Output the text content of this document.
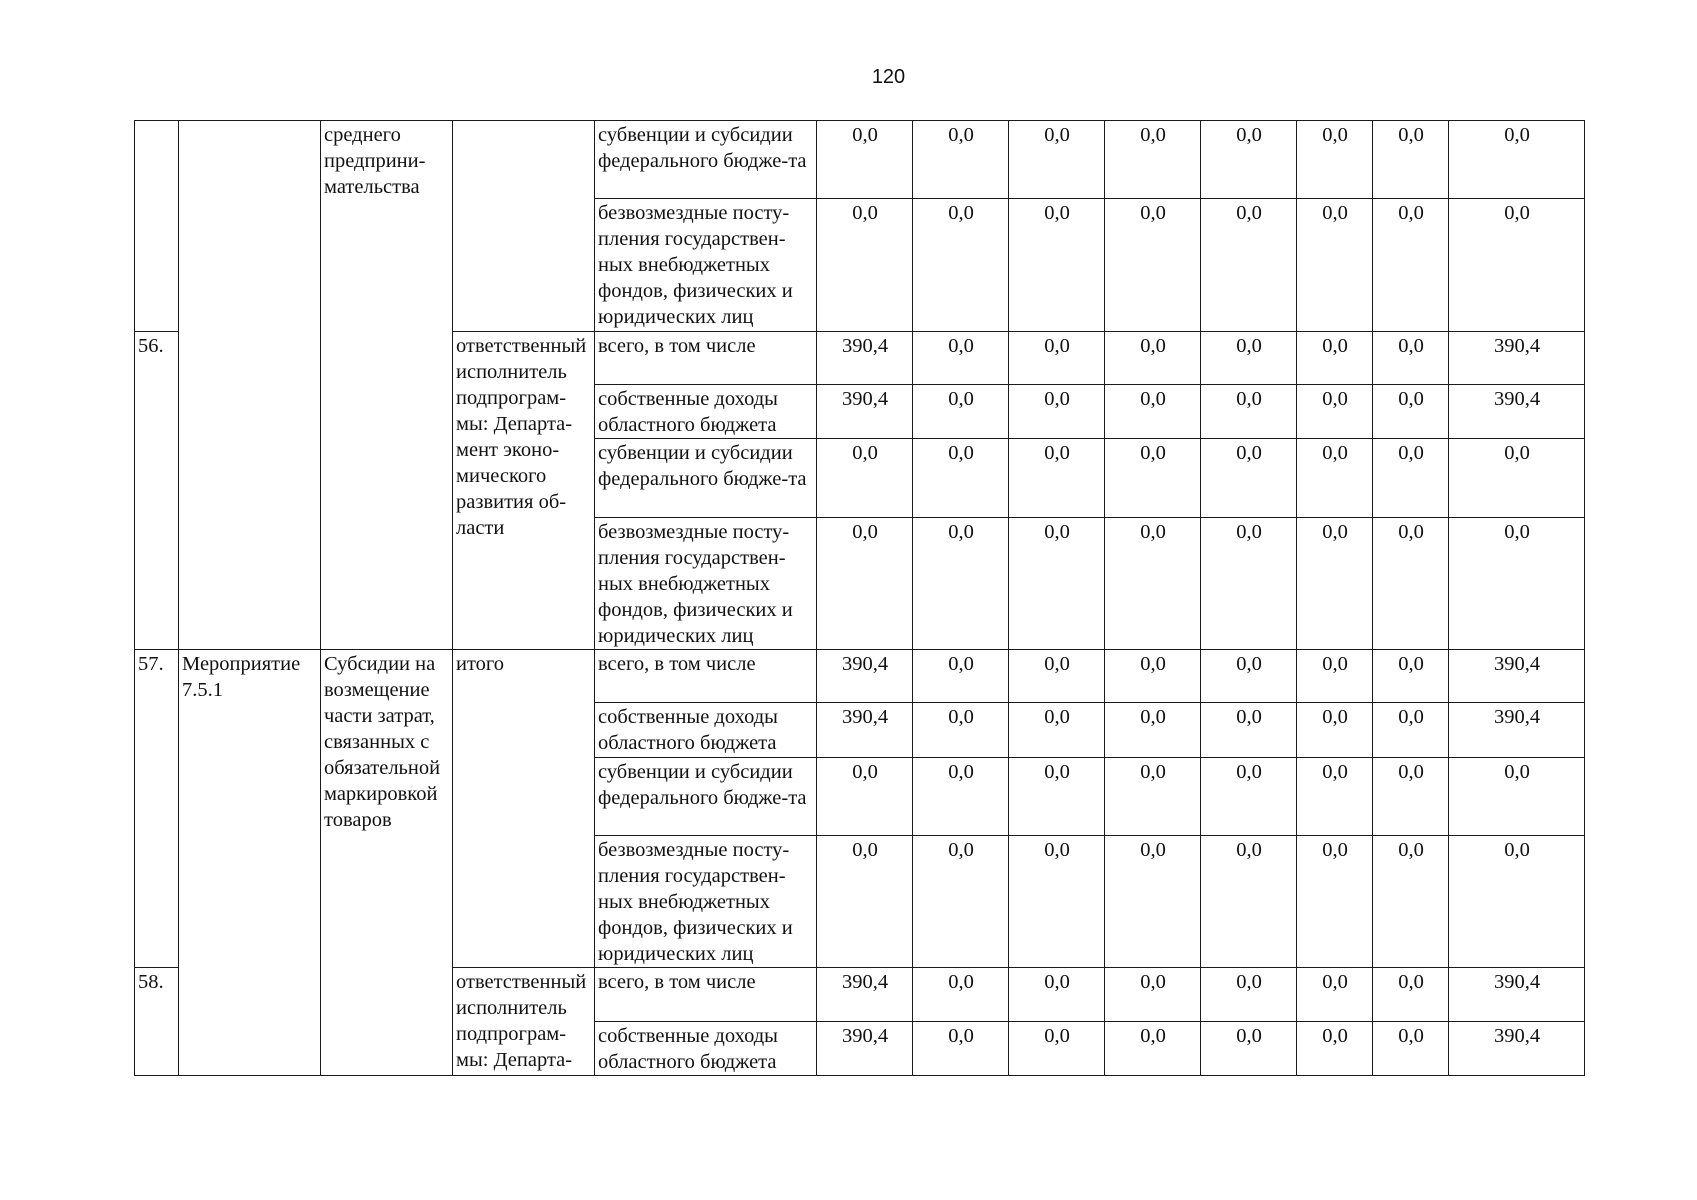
120
		среднего предприни-мательства		субвенции и субсидии федерального бюдже-та	0,0	0,0	0,0	0,0	0,0	0,0	0,0	0,0
				безвозмездные посту-пления государствен-ных внебюджетных фондов, физических и юридических лиц	0,0	0,0	0,0	0,0	0,0	0,0	0,0	0,0
56.			ответственный исполнитель подпрограм-мы: Департа-мент эконо-мического развития об-ласти	всего, в том числе	390,4	0,0	0,0	0,0	0,0	0,0	0,0	390,4
				собственные доходы областного бюджета	390,4	0,0	0,0	0,0	0,0	0,0	0,0	390,4
				субвенции и субсидии федерального бюдже-та	0,0	0,0	0,0	0,0	0,0	0,0	0,0	0,0
				безвозмездные посту-пления государствен-ных внебюджетных фондов, физических и юридических лиц	0,0	0,0	0,0	0,0	0,0	0,0	0,0	0,0
57.	Мероприятие 7.5.1	Субсидии на возмещение части затрат, связанных с обязательной маркировкой товаров	итого	всего, в том числе	390,4	0,0	0,0	0,0	0,0	0,0	0,0	390,4
				собственные доходы областного бюджета	390,4	0,0	0,0	0,0	0,0	0,0	0,0	390,4
				субвенции и субсидии федерального бюдже-та	0,0	0,0	0,0	0,0	0,0	0,0	0,0	0,0
				безвозмездные посту-пления государствен-ных внебюджетных фондов, физических и юридических лиц	0,0	0,0	0,0	0,0	0,0	0,0	0,0	0,0
58.			ответственный исполнитель подпрограм-мы: Департа-	всего, в том числе	390,4	0,0	0,0	0,0	0,0	0,0	0,0	390,4
				собственные доходы областного бюджета	390,4	0,0	0,0	0,0	0,0	0,0	0,0	390,4
